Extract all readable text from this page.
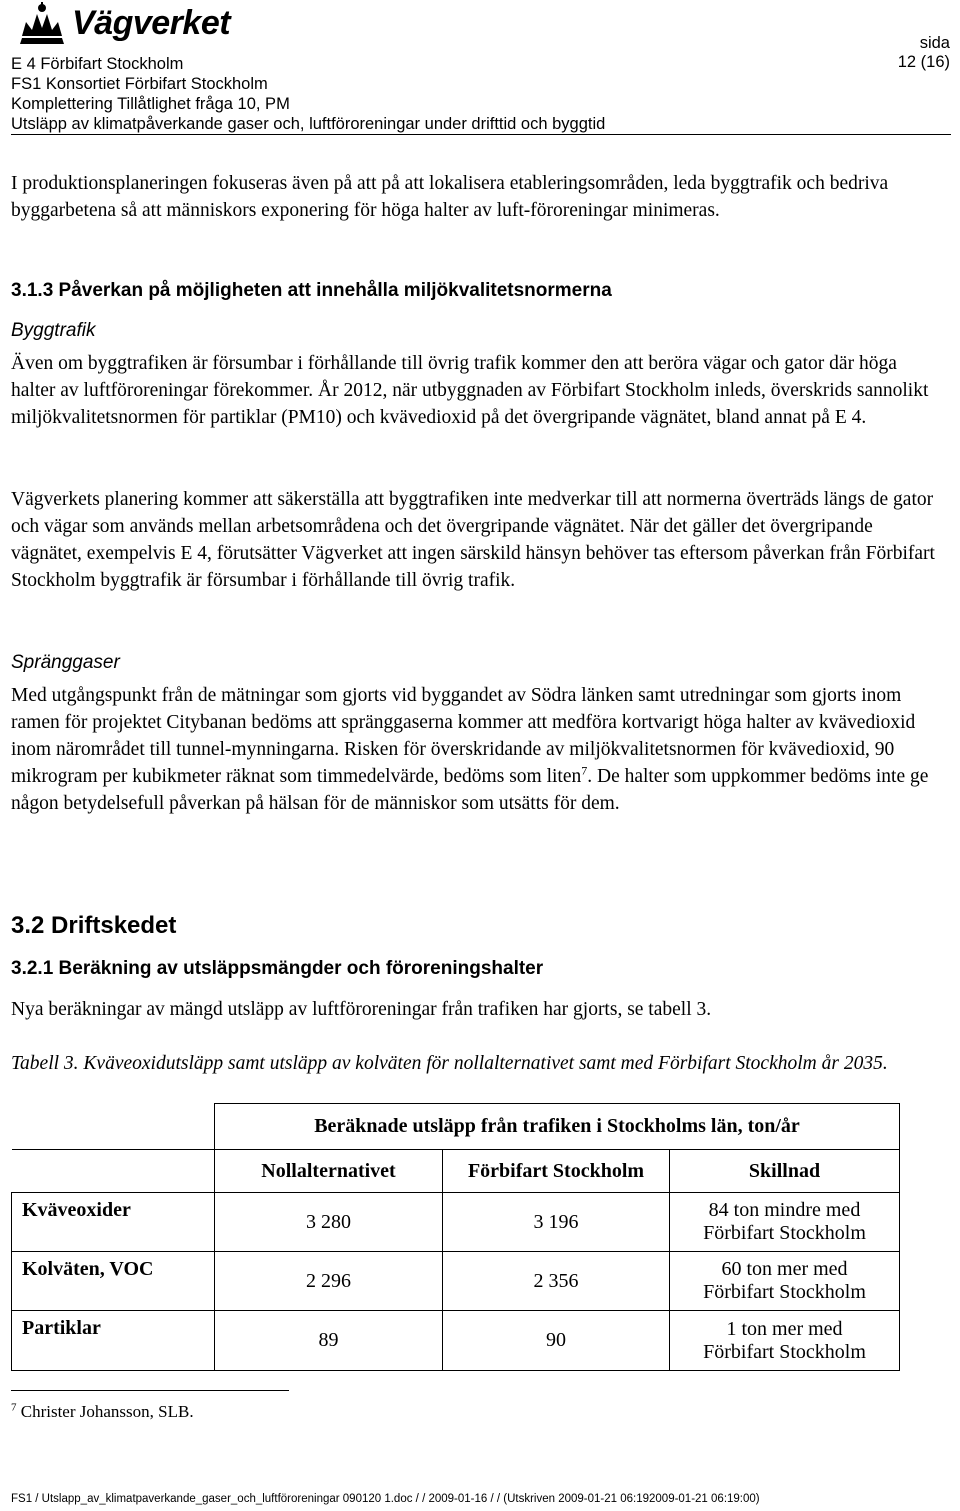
Vägverket
E 4 Förbifart Stockholm
FS1 Konsortiet Förbifart Stockholm
Komplettering Tillåtlighet fråga 10, PM
Utsläpp av klimatpåverkande gaser och, luftföroreningar under drifttid och byggtid
sida
12 (16)
I produktionsplaneringen fokuseras även på att på att lokalisera etableringsområden, leda byggtrafik och bedriva byggarbetena så att människors exponering för höga halter av luft-föroreningar minimeras.
3.1.3 Påverkan på möjligheten att innehålla miljökvalitetsnormerna
Byggtrafik
Även om byggtrafiken är försumbar i förhållande till övrig trafik kommer den att beröra vägar och gator där höga halter av luftföroreningar förekommer. År 2012, när utbyggnaden av Förbifart Stockholm inleds, överskrids sannolikt miljökvalitetsnormen för partiklar (PM10) och kvävedioxid på det övergripande vägnätet, bland annat på E 4.
Vägverkets planering kommer att säkerställa att byggtrafiken inte medverkar till att normerna överträds längs de gator och vägar som används mellan arbetsområdena och det övergripande vägnätet. När det gäller det övergripande vägnätet, exempelvis E 4, förutsätter Vägverket att ingen särskild hänsyn behöver tas eftersom påverkan från Förbifart Stockholm byggtrafik är försumbar i förhållande till övrig trafik.
Spränggaser
Med utgångspunkt från de mätningar som gjorts vid byggandet av Södra länken samt utredningar som gjorts inom ramen för projektet Citybanan bedöms att spränggaserna kommer att medföra kortvarigt höga halter av kvävedioxid inom närområdet till tunnel-mynningarna. Risken för överskridande av miljökvalitetsnormen för kvävedioxid, 90 mikrogram per kubikmeter räknat som timmedelvärde, bedöms som liten$^7$. De halter som uppkommer bedöms inte ge någon betydelsefull påverkan på hälsan för de människor som utsätts för dem.
3.2 Driftskedet
3.2.1 Beräkning av utsläppsmängder och föroreningshalter
Nya beräkningar av mängd utsläpp av luftföroreningar från trafiken har gjorts, se tabell 3.
Tabell 3. Kväveoxidutsläpp samt utsläpp av kolväten för nollalternativet samt med Förbifart Stockholm år 2035.
	Beräknade utsläpp från trafiken i Stockholms län, ton/år		
	Nollalternativet	Förbifart Stockholm	Skillnad
Kväveoxider	3 280	3 196	84 ton mindre med
Förbifart Stockholm

Kolväten, VOC	2 296	2 356	60 ton mer med
Förbifart Stockholm

Partiklar	89	90	1 ton mer med
Förbifart Stockholm
$^7$ Christer Johansson, SLB.
FS1 / Utslapp_av_klimatpaverkande_gaser_och_luftföroreningar 090120 1.doc / / 2009-01-16 / / (Utskriven 2009-01-21 06:192009-01-21 06:19:00)
